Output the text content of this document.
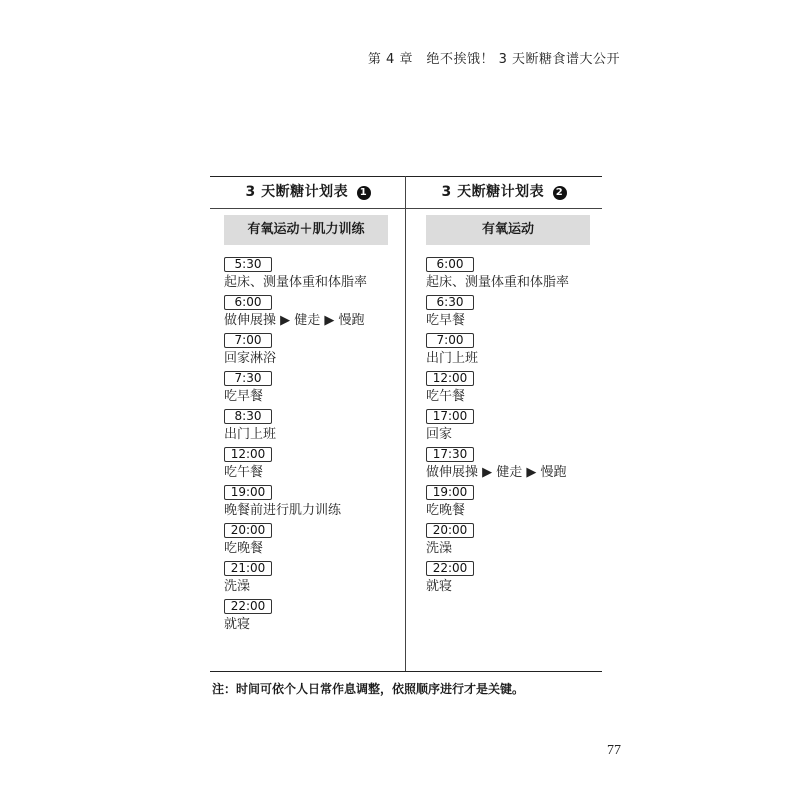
第 4 章　绝不挨饿！ 3 天断糖食谱大公开
3 天断糖计划表 1
有氧运动＋肌力训练
5:30
起床、测量体重和体脂率
6:00
做伸展操 ▶ 健走 ▶ 慢跑
7:00
回家淋浴
7:30
吃早餐
8:30
出门上班
12:00
吃午餐
19:00
晚餐前进行肌力训练
20:00
吃晚餐
21:00
洗澡
22:00
就寝
3 天断糖计划表 2
有氧运动
6:00
起床、测量体重和体脂率
6:30
吃早餐
7:00
出门上班
12:00
吃午餐
17:00
回家
17:30
做伸展操 ▶ 健走 ▶ 慢跑
19:00
吃晚餐
20:00
洗澡
22:00
就寝
注：时间可依个人日常作息调整，依照顺序进行才是关键。
77
